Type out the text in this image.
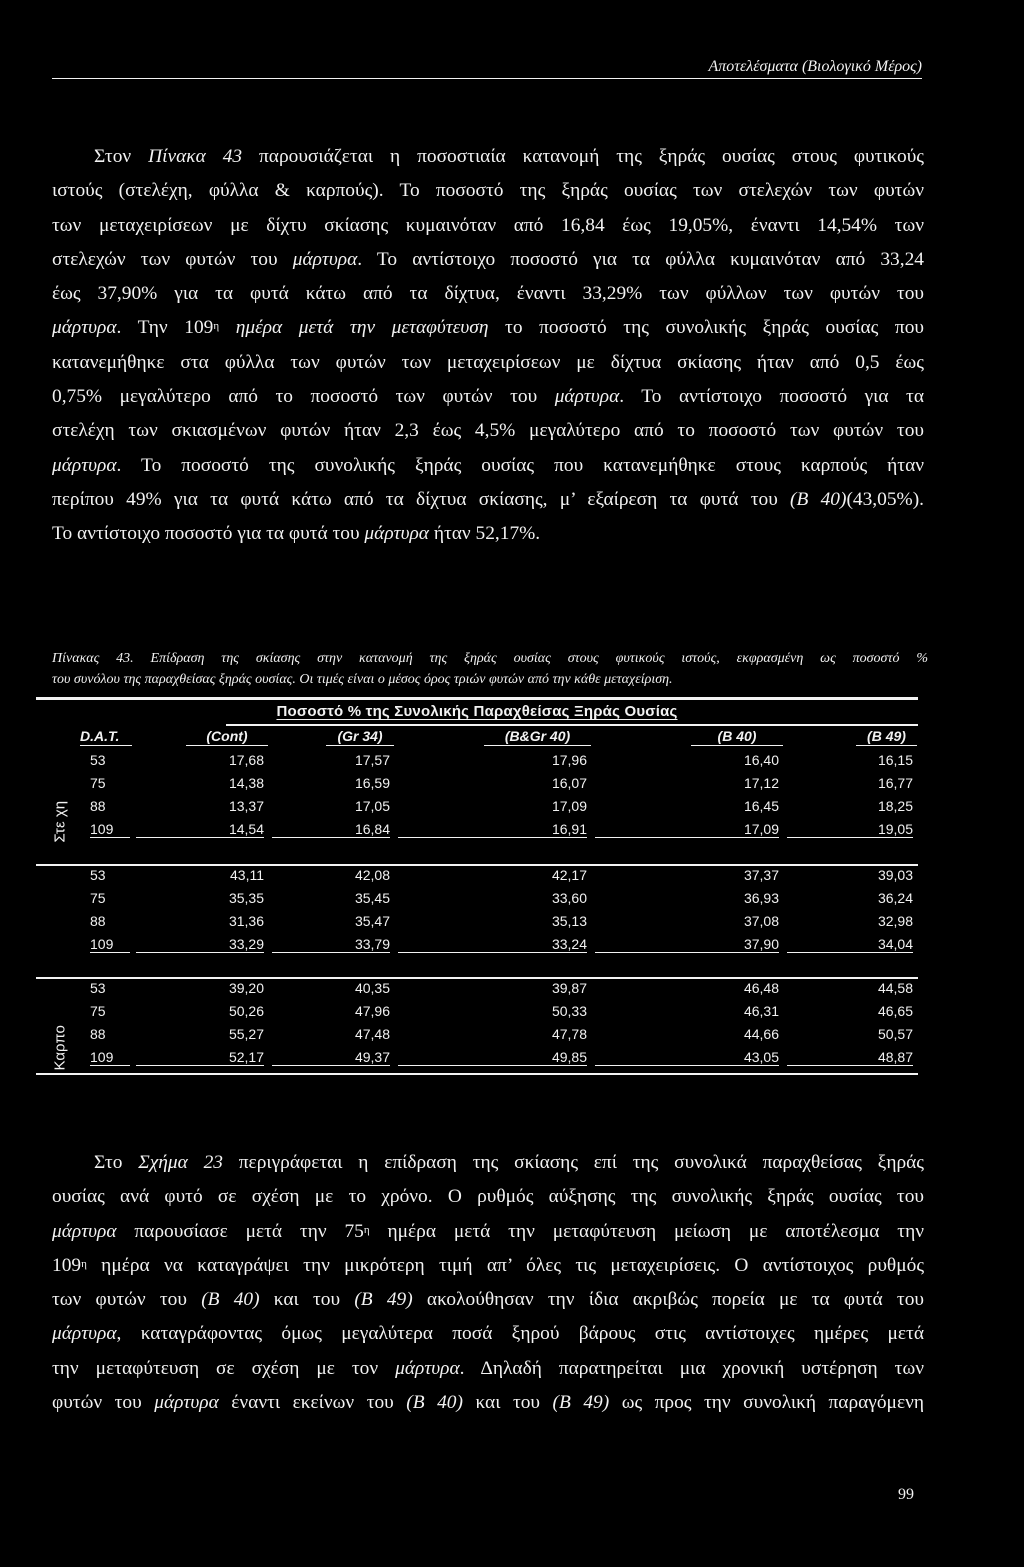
Αποτελέσματα (Βιολογικό Μέρος)
Στον Πίνακα 43 παρουσιάζεται η ποσοστιαία κατανομή της ξηράς ουσίας στους φυτικούς
ιστούς (στελέχη, φύλλα & καρπούς). Το ποσοστό της ξηράς ουσίας των στελεχών των φυτών
των μεταχειρίσεων με δίχτυ σκίασης κυμαινόταν από 16,84 έως 19,05%, έναντι 14,54% των
στελεχών των φυτών του μάρτυρα. Το αντίστοιχο ποσοστό για τα φύλλα κυμαινόταν από 33,24
έως 37,90% για τα φυτά κάτω από τα δίχτυα, έναντι 33,29% των φύλλων των φυτών του
μάρτυρα. Την $109^\eta$ ημέρα μετά την μεταφύτευση το ποσοστό της συνολικής ξηράς ουσίας που
κατανεμήθηκε στα φύλλα των φυτών των μεταχειρίσεων με δίχτυα σκίασης ήταν από 0,5 έως
0,75% μεγαλύτερο από το ποσοστό των φυτών του μάρτυρα. Το αντίστοιχο ποσοστό για τα
στελέχη των σκιασμένων φυτών ήταν 2,3 έως 4,5% μεγαλύτερο από το ποσοστό των φυτών του
μάρτυρα. Το ποσοστό της συνολικής ξηράς ουσίας που κατανεμήθηκε στους καρπούς ήταν
περίπου 49% για τα φυτά κάτω από τα δίχτυα σκίασης, μ’ εξαίρεση τα φυτά του (Β 40)(43,05%).
Το αντίστοιχο ποσοστό για τα φυτά του μάρτυρα ήταν 52,17%.
Πίνακας 43. Επίδραση της σκίασης στην κατανομή της ξηράς ουσίας στους φυτικούς ιστούς, εκφρασμένη ως ποσοστό %
του συνόλου της παραχθείσας ξηράς ουσίας. Οι τιμές είναι ο μέσος όρος τριών φυτών από την κάθε μεταχείριση.
Ποσοστό % της Συνολικής Παραχθείσας Ξηράς Ουσίας
D.A.T.	(Cont)	(Gr 34)	(B&Gr 40)	(B 40)	(B 49)
53	17,68	17,57	17,96	16,40	16,15
75	14,38	16,59	16,07	17,12	16,77
88	13,37	17,05	17,09	16,45	18,25
109	14,54	16,84	16,91	17,09	19,05
Στε χη
53	43,11	42,08	42,17	37,37	39,03
75	35,35	35,45	33,60	36,93	36,24
88	31,36	35,47	35,13	37,08	32,98
109	33,29	33,79	33,24	37,90	34,04
53	39,20	40,35	39,87	46,48	44,58
75	50,26	47,96	50,33	46,31	46,65
88	55,27	47,48	47,78	44,66	50,57
109	52,17	49,37	49,85	43,05	48,87
Καρπο
Στο Σχήμα 23 περιγράφεται η επίδραση της σκίασης επί της συνολικά παραχθείσας ξηράς
ουσίας ανά φυτό σε σχέση με το χρόνο. Ο ρυθμός αύξησης της συνολικής ξηράς ουσίας του
μάρτυρα παρουσίασε μετά την $75^\eta$ ημέρα μετά την μεταφύτευση μείωση με αποτέλεσμα την
$109^\eta$ ημέρα να καταγράψει την μικρότερη τιμή απ’ όλες τις μεταχειρίσεις. Ο αντίστοιχος ρυθμός
των φυτών του (Β 40) και του (Β 49) ακολούθησαν την ίδια ακριβώς πορεία με τα φυτά του
μάρτυρα, καταγράφοντας όμως μεγαλύτερα ποσά ξηρού βάρους στις αντίστοιχες ημέρες μετά
την μεταφύτευση σε σχέση με τον μάρτυρα. Δηλαδή παρατηρείται μια χρονική υστέρηση των
φυτών του μάρτυρα έναντι εκείνων του (Β 40) και του (Β 49) ως προς την συνολική παραγόμενη
99
